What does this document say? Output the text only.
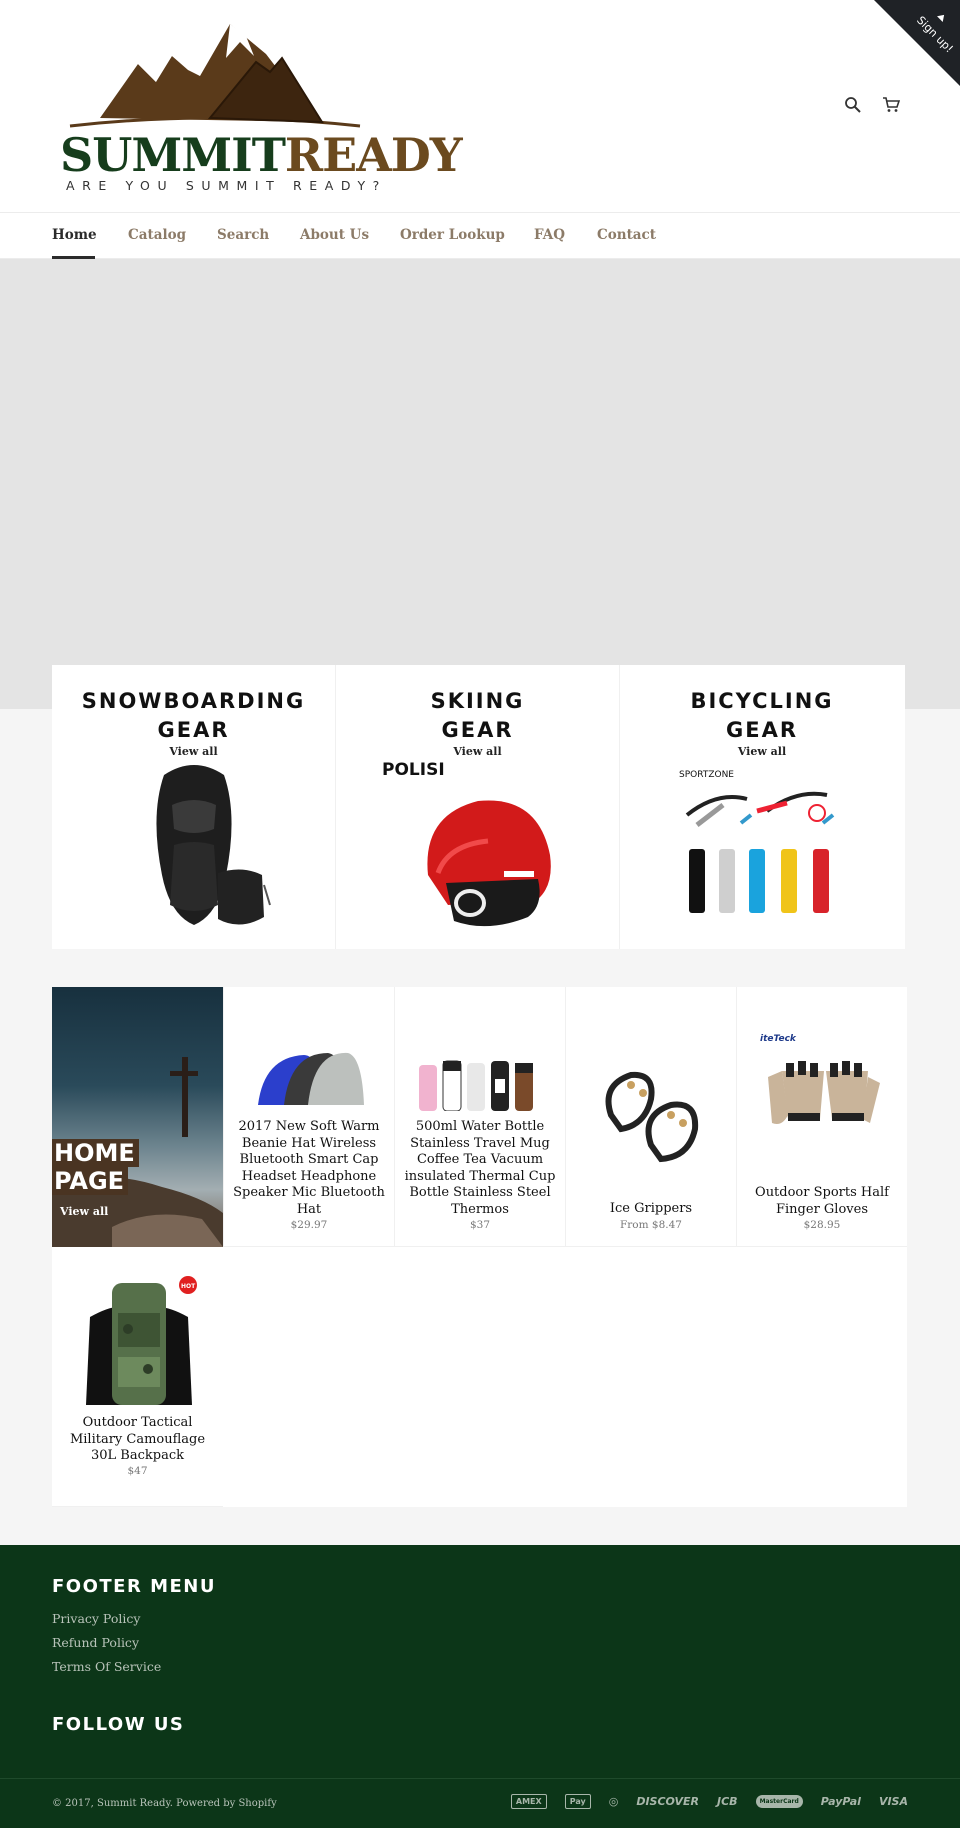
SUMMITREADY
ARE YOU SUMMIT READY?
Sign up!
Home Catalog Search About Us Order Lookup FAQ Contact
SNOWBOARDING
GEAR
View all
SKIING
GEAR
View all
POLISI
BICYCLING
GEAR
View all
SPORTZONE
HOME
PAGE
View all
2017 New Soft Warm Beanie Hat Wireless Bluetooth Smart Cap Headset Headphone Speaker Mic Bluetooth Hat
$29.97
500ml Water Bottle Stainless Travel Mug Coffee Tea Vacuum insulated Thermal Cup Bottle Stainless Steel Thermos
$37
Ice Grippers
From $8.47
iteTeck
Outdoor Sports Half Finger Gloves
$28.95
HOT
Outdoor Tactical Military Camouflage 30L Backpack
$47
FOOTER MENU
Privacy Policy
Refund Policy
Terms Of Service
FOLLOW US
© 2017, Summit Ready. Powered by Shopify	AMEX	Pay	◎ DISCOVER JCB	MasterCard	PayPal VISA
